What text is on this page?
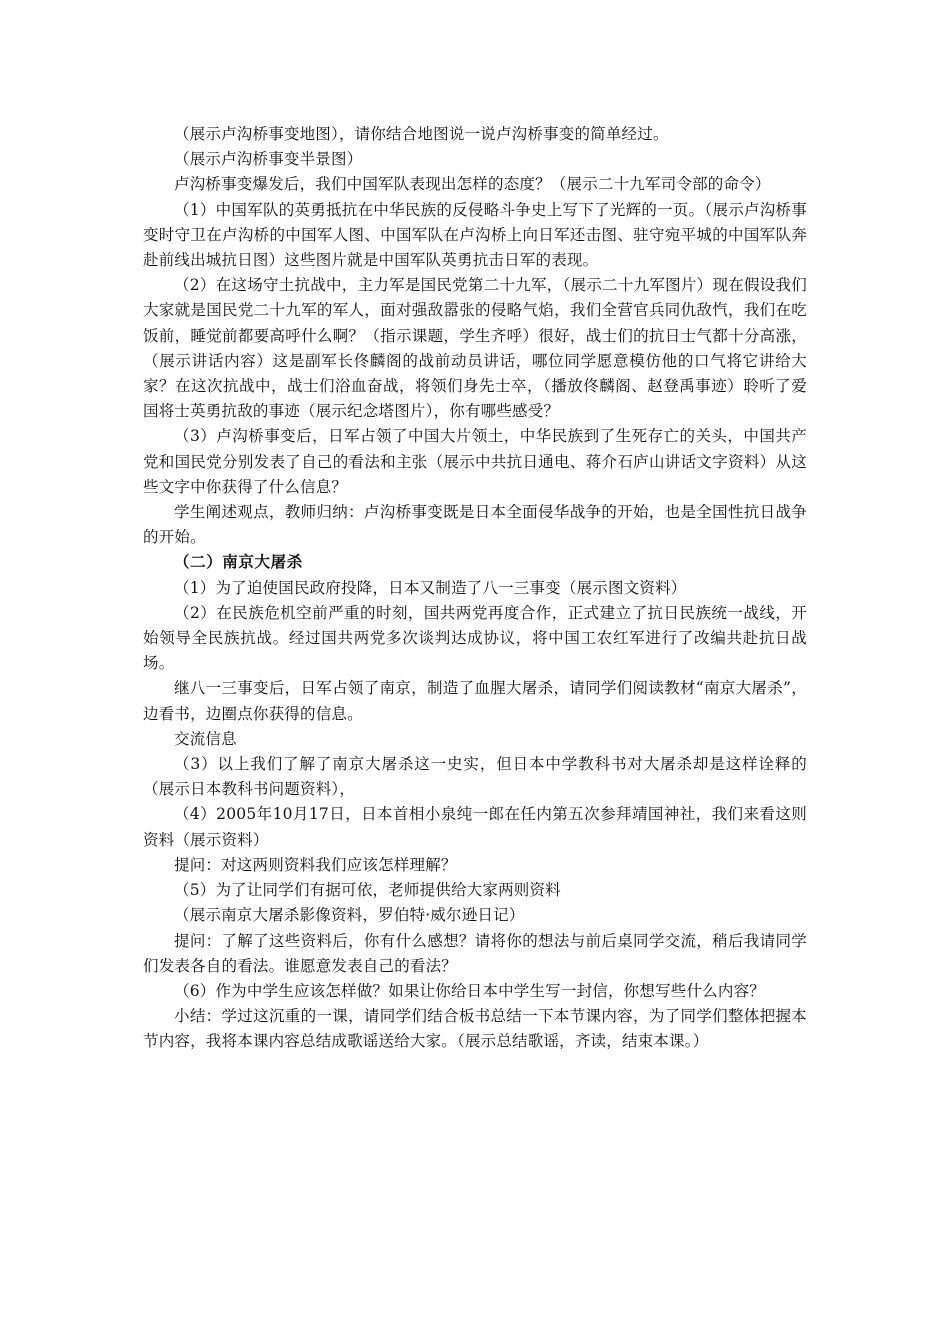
（展示卢沟桥事变地图），请你结合地图说一说卢沟桥事变的简单经过。

（展示卢沟桥事变半景图）

卢沟桥事变爆发后，我们中国军队表现出怎样的态度？（展示二十九军司令部的命令）

（1）中国军队的英勇抵抗在中华民族的反侵略斗争史上写下了光辉的一页。（展示卢沟桥事变时守卫在卢沟桥的中国军人图、中国军队在卢沟桥上向日军还击图、驻守宛平城的中国军队奔赴前线出城抗日图）这些图片就是中国军队英勇抗击日军的表现。

（2）在这场守土抗战中，主力军是国民党第二十九军，（展示二十九军图片）现在假设我们大家就是国民党二十九军的军人，面对强敌嚣张的侵略气焰，我们全营官兵同仇敌忾，我们在吃饭前，睡觉前都要高呼什么啊？（指示课题，学生齐呼）很好，战士们的抗日士气都十分高涨，（展示讲话内容）这是副军长佟麟阁的战前动员讲话，哪位同学愿意模仿他的口气将它讲给大家？在这次抗战中，战士们浴血奋战，将领们身先士卒，（播放佟麟阁、赵登禹事迹）聆听了爱国将士英勇抗敌的事迹（展示纪念塔图片），你有哪些感受？

（3）卢沟桥事变后，日军占领了中国大片领土，中华民族到了生死存亡的关头，中国共产党和国民党分别发表了自己的看法和主张（展示中共抗日通电、蒋介石庐山讲话文字资料）从这些文字中你获得了什么信息？

学生阐述观点，教师归纳：卢沟桥事变既是日本全面侵华战争的开始，也是全国性抗日战争的开始。

（二）南京大屠杀

（1）为了迫使国民政府投降，日本又制造了八一三事变（展示图文资料）

（2）在民族危机空前严重的时刻，国共两党再度合作，正式建立了抗日民族统一战线，开始领导全民族抗战。经过国共两党多次谈判达成协议，将中国工农红军进行了改编共赴抗日战场。

继八一三事变后，日军占领了南京，制造了血腥大屠杀，请同学们阅读教材“南京大屠杀”，边看书，边圈点你获得的信息。

交流信息

（3）以上我们了解了南京大屠杀这一史实，但日本中学教科书对大屠杀却是这样诠释的（展示日本教科书问题资料），

（4）2005年10月17日，日本首相小泉纯一郎在任内第五次参拜靖国神社，我们来看这则资料（展示资料）

提问：对这两则资料我们应该怎样理解？

（5）为了让同学们有据可依，老师提供给大家两则资料

（展示南京大屠杀影像资料，罗伯特·威尔逊日记）

提问：了解了这些资料后，你有什么感想？请将你的想法与前后桌同学交流，稍后我请同学们发表各自的看法。谁愿意发表自己的看法？

（6）作为中学生应该怎样做？如果让你给日本中学生写一封信，你想写些什么内容？

小结：学过这沉重的一课，请同学们结合板书总结一下本节课内容，为了同学们整体把握本节内容，我将本课内容总结成歌谣送给大家。（展示总结歌谣，齐读，结束本课。）
